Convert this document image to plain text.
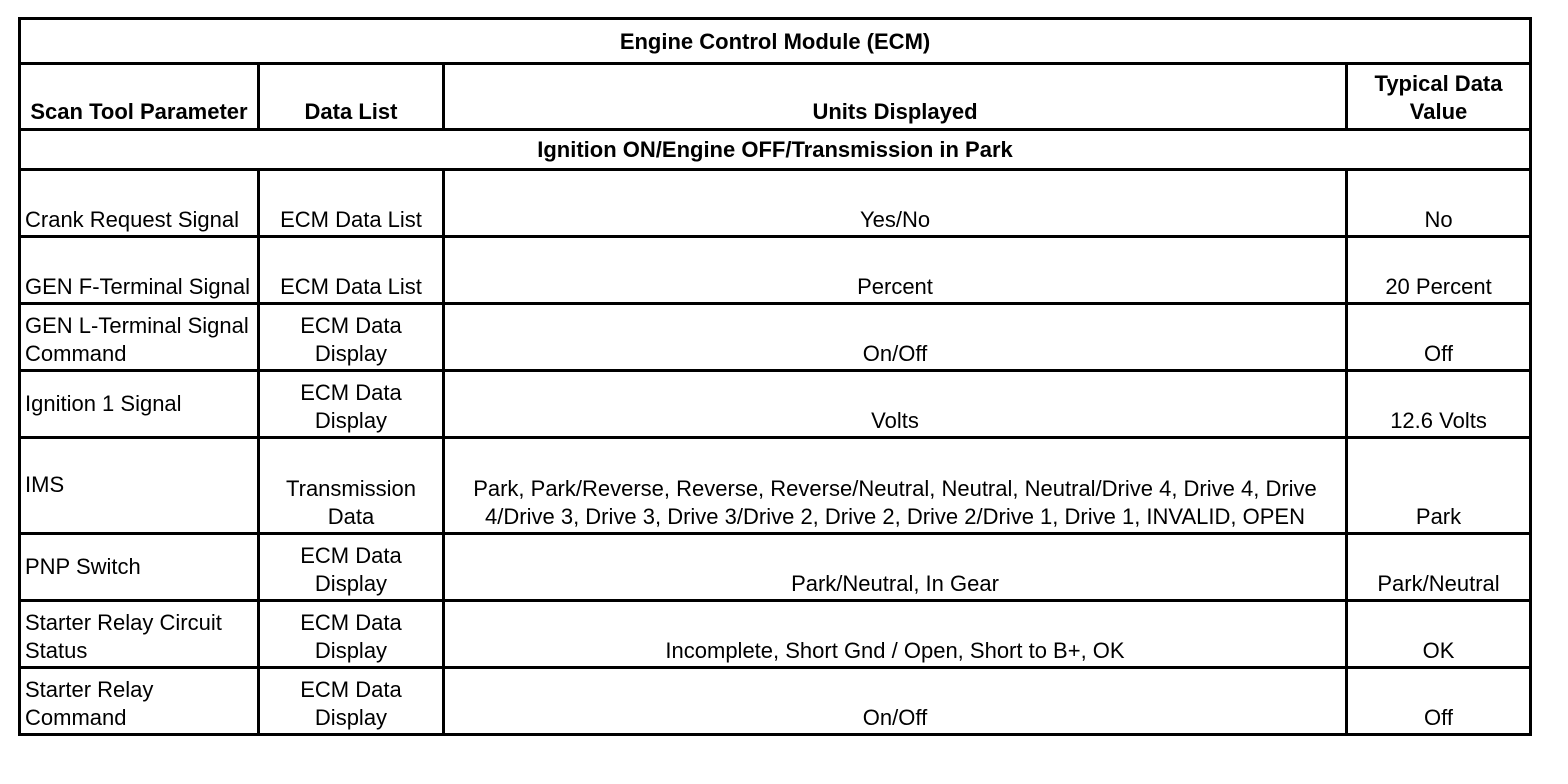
Engine Control Module (ECM)			
Scan Tool Parameter	Data List	Units Displayed	Typical Data Value
Ignition ON/Engine OFF/Transmission in Park			
Crank Request Signal	ECM Data List	Yes/No	No
GEN F-Terminal Signal	ECM Data List	Percent	20 Percent
GEN L-Terminal Signal Command	ECM Data Display	On/Off	Off
Ignition 1 Signal	ECM Data Display	Volts	12.6 Volts
IMS	Transmission Data	Park, Park/Reverse, Reverse, Reverse/Neutral, Neutral, Neutral/Drive 4, Drive 4, Drive 4/Drive 3, Drive 3, Drive 3/Drive 2, Drive 2, Drive 2/Drive 1, Drive 1, INVALID, OPEN	Park
PNP Switch	ECM Data Display	Park/Neutral, In Gear	Park/Neutral
Starter Relay Circuit Status	ECM Data Display	Incomplete, Short Gnd / Open, Short to B+, OK	OK
Starter Relay Command	ECM Data Display	On/Off	Off
